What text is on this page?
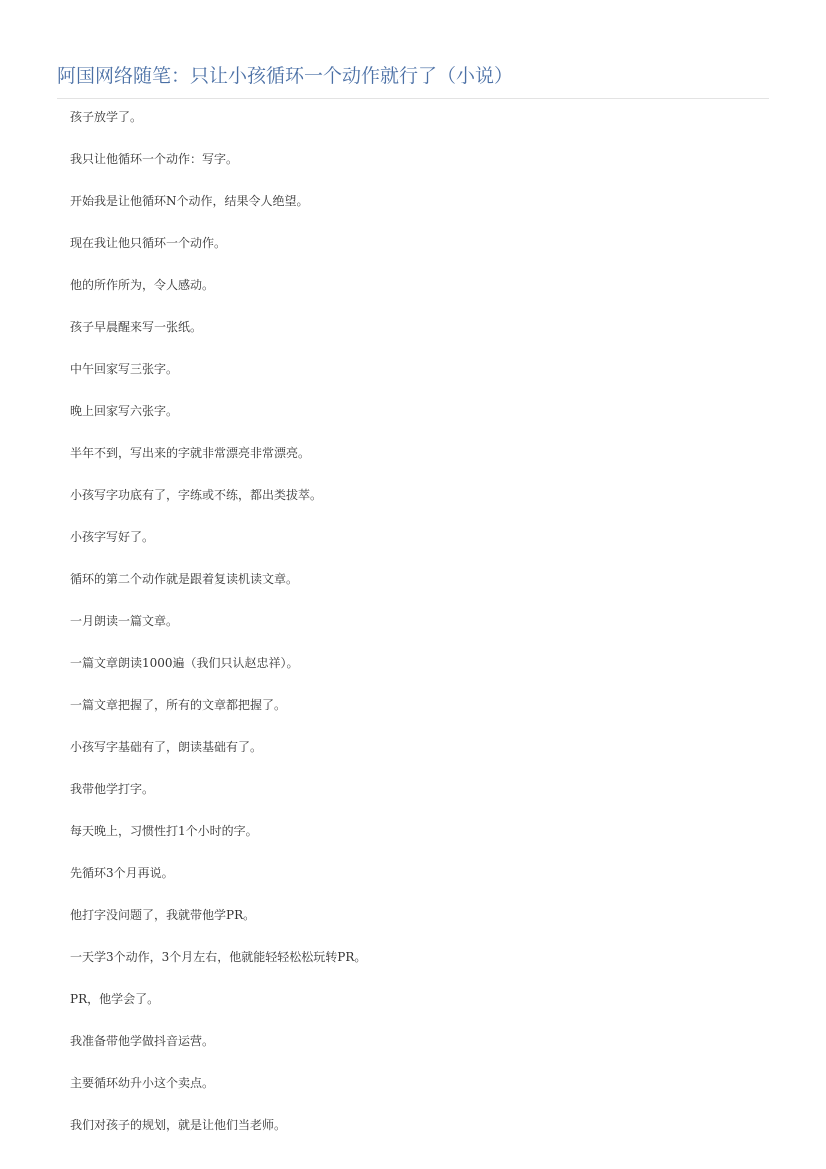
阿国网络随笔：只让小孩循环一个动作就行了（小说）

孩子放学了。

我只让他循环一个动作：写字。

开始我是让他循环N个动作，结果令人绝望。

现在我让他只循环一个动作。

他的所作所为，令人感动。

孩子早晨醒来写一张纸。

中午回家写三张字。

晚上回家写六张字。

半年不到，写出来的字就非常漂亮非常漂亮。

小孩写字功底有了，字练或不练，都出类拔萃。

小孩字写好了。

循环的第二个动作就是跟着复读机读文章。

一月朗读一篇文章。

一篇文章朗读1000遍（我们只认赵忠祥）。

一篇文章把握了，所有的文章都把握了。

小孩写字基础有了，朗读基础有了。

我带他学打字。

每天晚上，习惯性打1个小时的字。

先循环3个月再说。

他打字没问题了，我就带他学PR。

一天学3个动作，3个月左右，他就能轻轻松松玩转PR。

PR，他学会了。

我准备带他学做抖音运营。

主要循环幼升小这个卖点。

我们对孩子的规划，就是让他们当老师。
